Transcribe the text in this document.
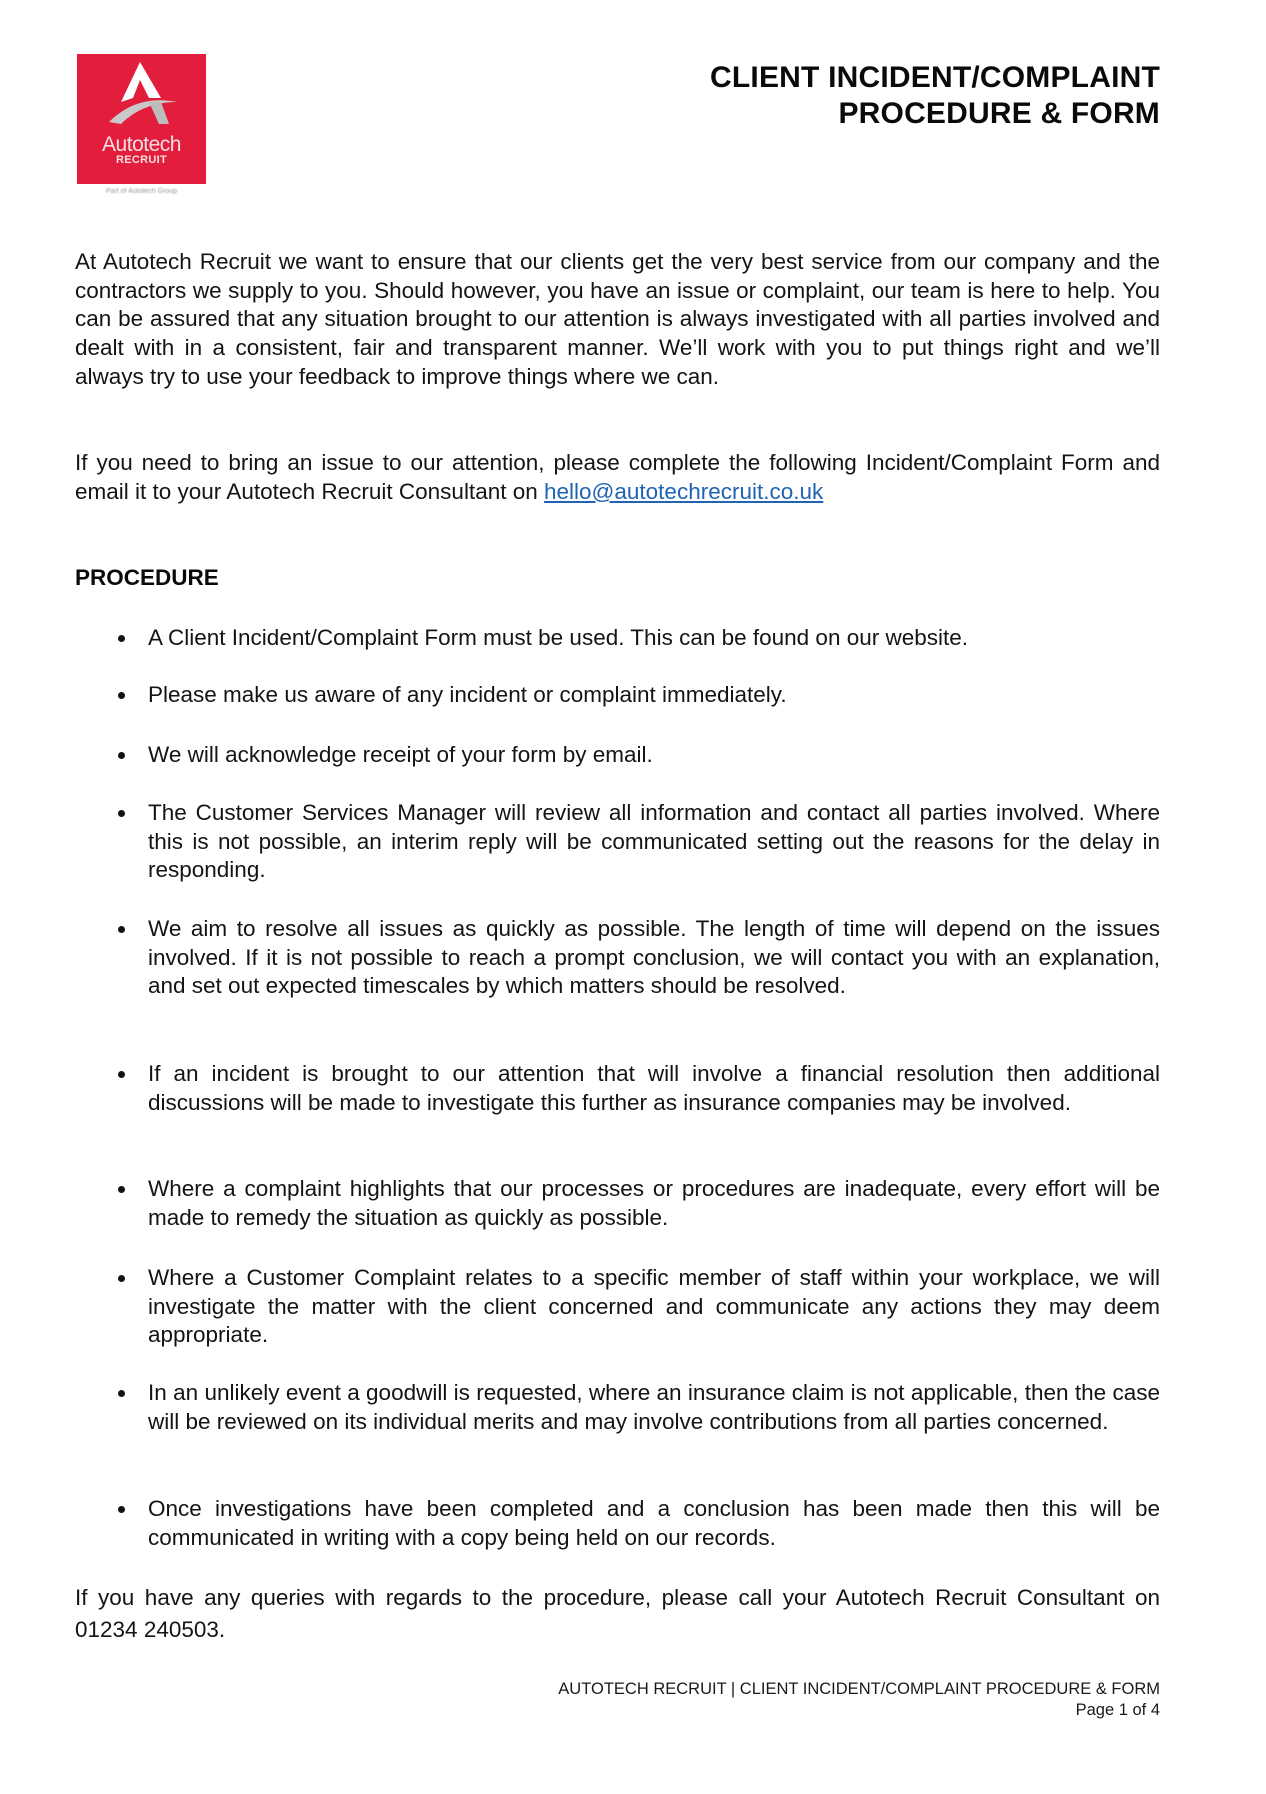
Autotech
RECRUIT
Part of Autotech Group
CLIENT INCIDENT/COMPLAINT
PROCEDURE & FORM

At Autotech Recruit we want to ensure that our clients get the very best service from our company and the contractors we supply to you. Should however, you have an issue or complaint, our team is here to help. You can be assured that any situation brought to our attention is always investigated with all parties involved and dealt with in a consistent, fair and transparent manner. We’ll work with you to put things right and we’ll always try to use your feedback to improve things where we can.

If you need to bring an issue to our attention, please complete the following Incident/Complaint Form and email it to your Autotech Recruit Consultant on hello@autotechrecruit.co.uk

PROCEDURE
A Client Incident/Complaint Form must be used. This can be found on our website.
Please make us aware of any incident or complaint immediately.
We will acknowledge receipt of your form by email.
The Customer Services Manager will review all information and contact all parties involved. Where this is not possible, an interim reply will be communicated setting out the reasons for the delay in responding.
We aim to resolve all issues as quickly as possible. The length of time will depend on the issues involved. If it is not possible to reach a prompt conclusion, we will contact you with an explanation, and set out expected timescales by which matters should be resolved.
If an incident is brought to our attention that will involve a financial resolution then additional discussions will be made to investigate this further as insurance companies may be involved.
Where a complaint highlights that our processes or procedures are inadequate, every effort will be made to remedy the situation as quickly as possible.
Where a Customer Complaint relates to a specific member of staff within your workplace, we will investigate the matter with the client concerned and communicate any actions they may deem appropriate.
In an unlikely event a goodwill is requested, where an insurance claim is not applicable, then the case will be reviewed on its individual merits and may involve contributions from all parties concerned.
Once investigations have been completed and a conclusion has been made then this will be communicated in writing with a copy being held on our records.

If you have any queries with regards to the procedure, please call your Autotech Recruit Consultant on 01234 240503.

AUTOTECH RECRUIT | CLIENT INCIDENT/COMPLAINT PROCEDURE & FORM
Page 1 of 4
